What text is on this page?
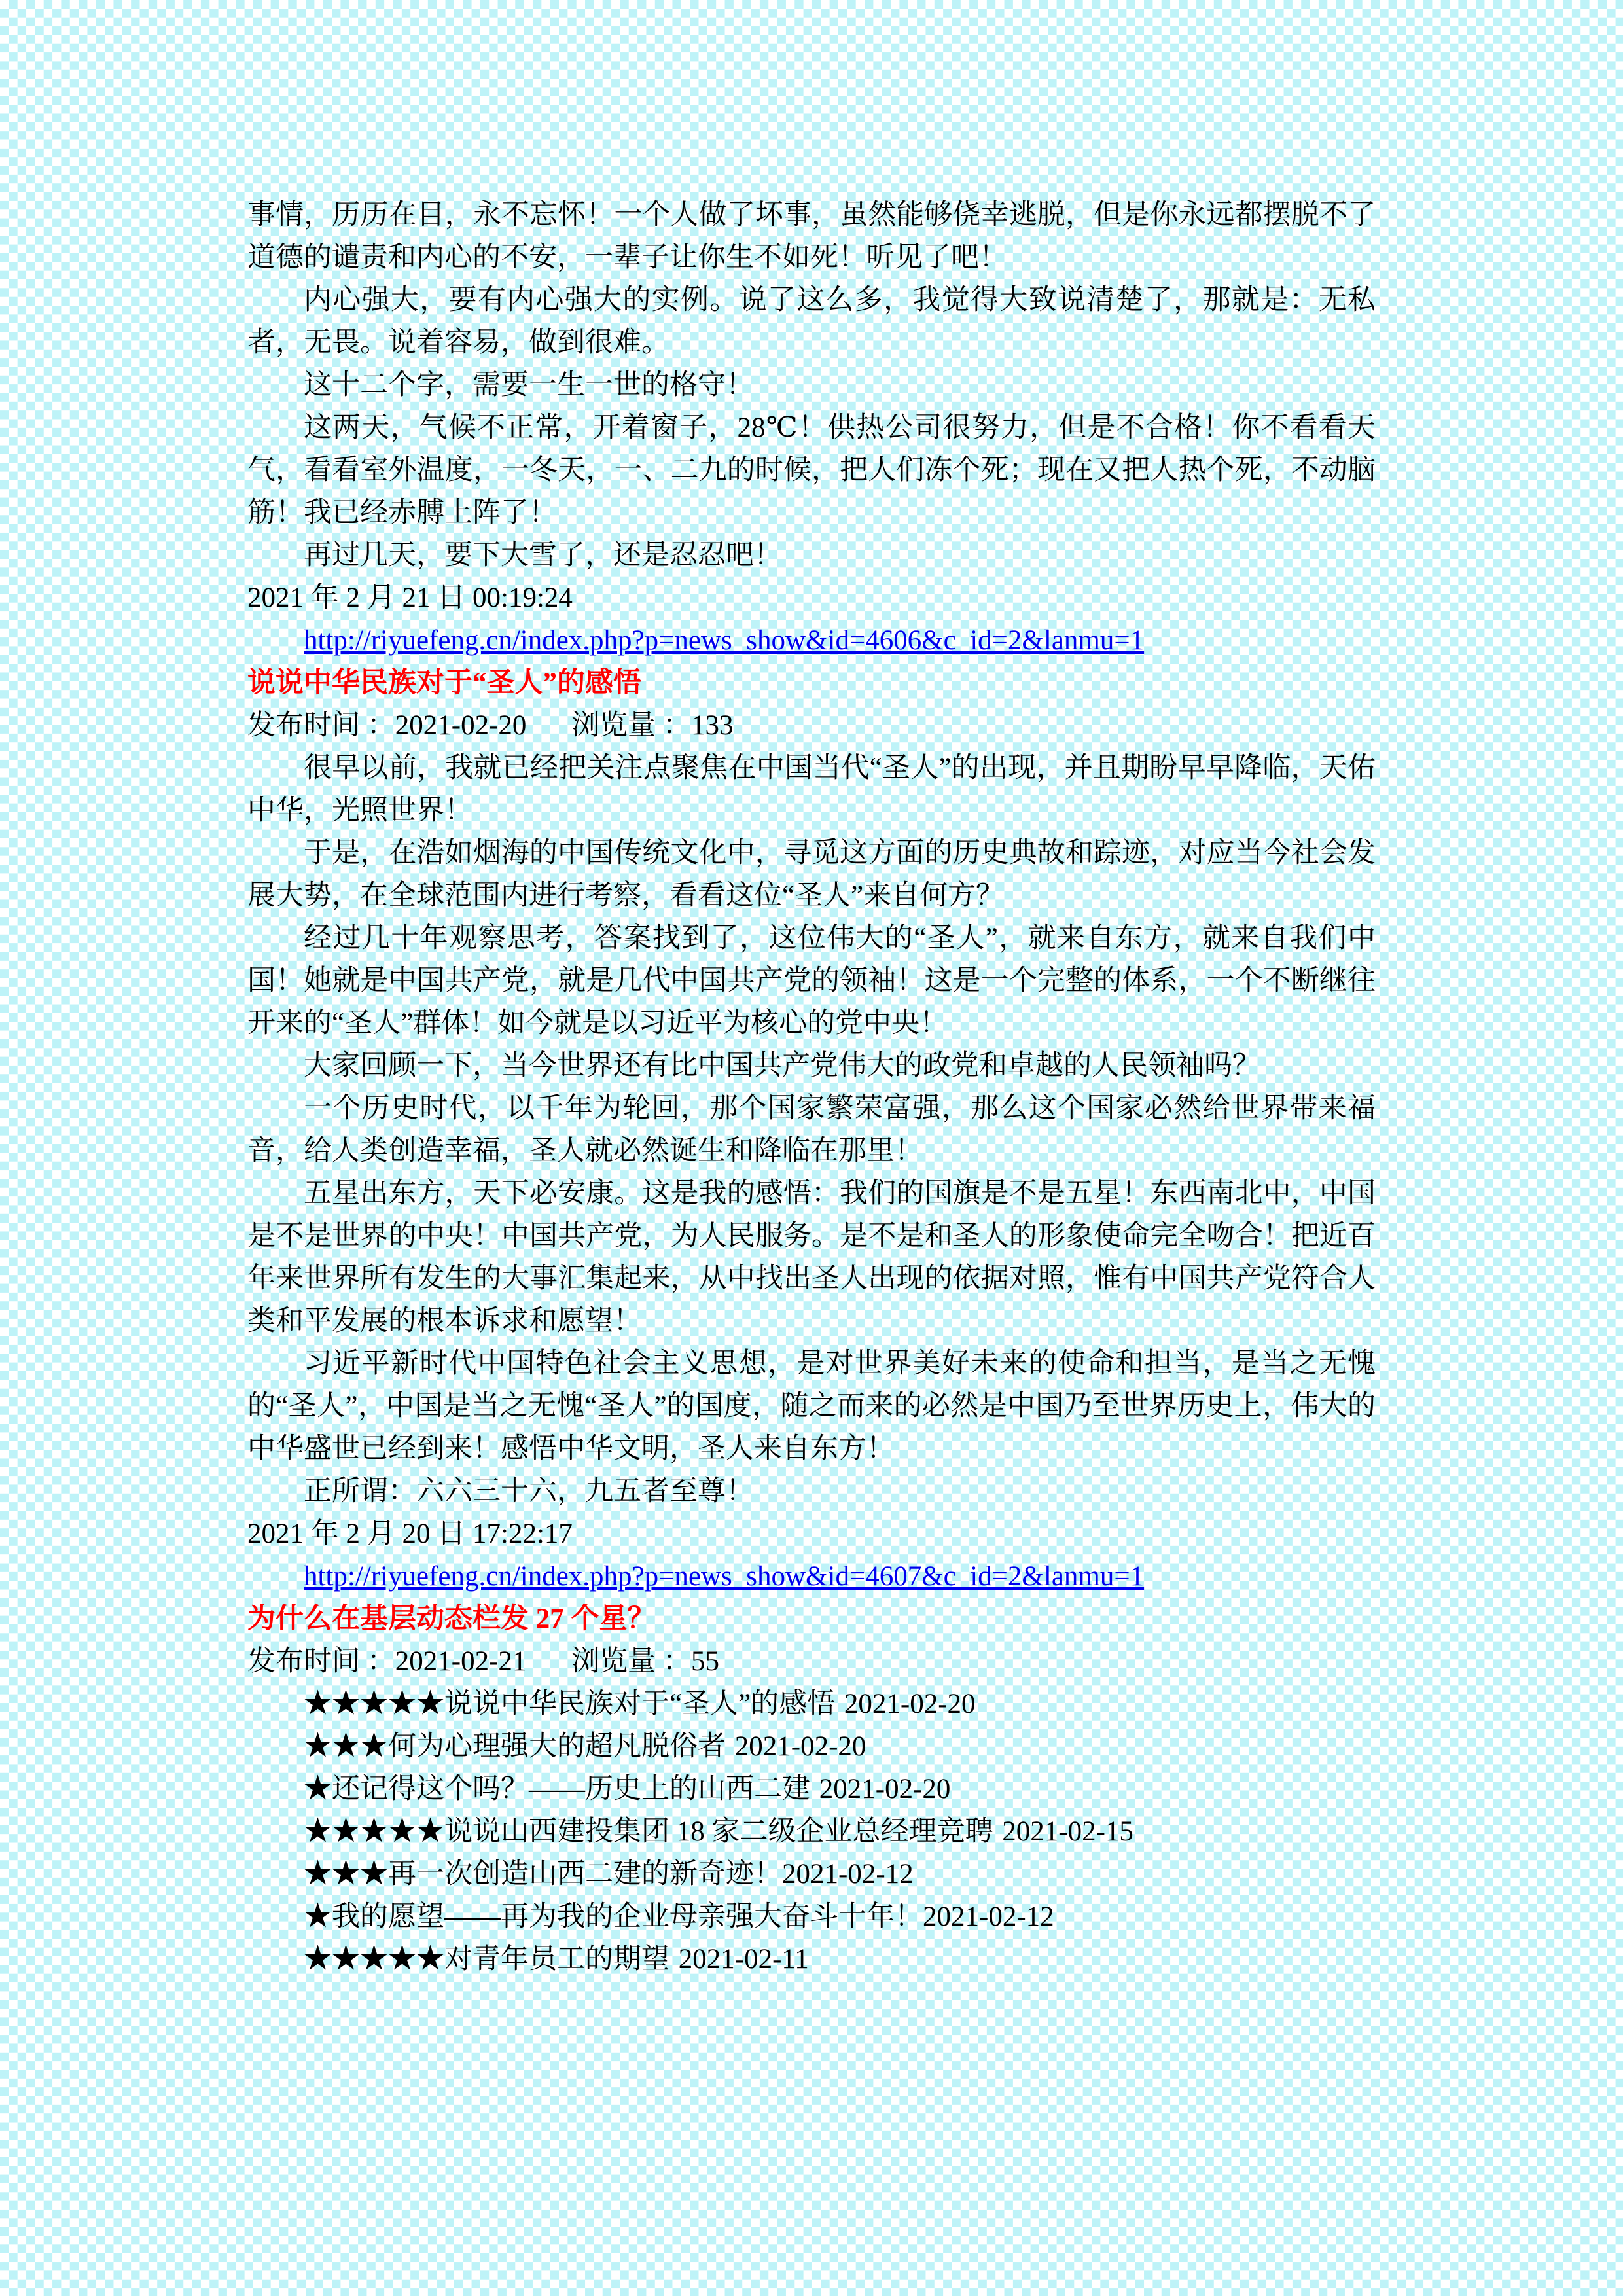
事情，历历在目，永不忘怀！一个人做了坏事，虽然能够侥幸逃脱，但是你永远都摆脱不了道德的谴责和内心的不安，一辈子让你生不如死！听见了吧！

内心强大，要有内心强大的实例。说了这么多，我觉得大致说清楚了，那就是：无私者，无畏。说着容易，做到很难。

这十二个字，需要一生一世的格守！

这两天，气候不正常，开着窗子，28℃！供热公司很努力，但是不合格！你不看看天气，看看室外温度，一冬天，一、二九的时候，把人们冻个死；现在又把人热个死，不动脑筋！我已经赤膊上阵了！

再过几天，要下大雪了，还是忍忍吧！

2021 年 2 月 21 日 00:19:24

http://riyuefeng.cn/index.php?p=news_show&id=4606&c_id=2&lanmu=1

说说中华民族对于“圣人”的感悟

发布时间 ：2021-02-20 浏览量 ：133

很早以前，我就已经把关注点聚焦在中国当代“圣人”的出现，并且期盼早早降临，天佑中华，光照世界！

于是，在浩如烟海的中国传统文化中，寻觅这方面的历史典故和踪迹，对应当今社会发展大势，在全球范围内进行考察，看看这位“圣人”来自何方？

经过几十年观察思考，答案找到了，这位伟大的“圣人”，就来自东方，就来自我们中国！她就是中国共产党，就是几代中国共产党的领袖！这是一个完整的体系，一个不断继往开来的“圣人”群体！如今就是以习近平为核心的党中央！

大家回顾一下，当今世界还有比中国共产党伟大的政党和卓越的人民领袖吗？

一个历史时代，以千年为轮回，那个国家繁荣富强，那么这个国家必然给世界带来福音，给人类创造幸福，圣人就必然诞生和降临在那里！

五星出东方，天下必安康。这是我的感悟：我们的国旗是不是五星！东西南北中，中国是不是世界的中央！中国共产党，为人民服务。是不是和圣人的形象使命完全吻合！把近百年来世界所有发生的大事汇集起来，从中找出圣人出现的依据对照，惟有中国共产党符合人类和平发展的根本诉求和愿望！

习近平新时代中国特色社会主义思想，是对世界美好未来的使命和担当，是当之无愧的“圣人”，中国是当之无愧“圣人”的国度，随之而来的必然是中国乃至世界历史上，伟大的中华盛世已经到来！感悟中华文明，圣人来自东方！

正所谓：六六三十六，九五者至尊！

2021 年 2 月 20 日 17:22:17

http://riyuefeng.cn/index.php?p=news_show&id=4607&c_id=2&lanmu=1

为什么在基层动态栏发 27 个星？

发布时间 ：2021-02-21 浏览量 ：55

★★★★★说说中华民族对于“圣人”的感悟 2021-02-20

★★★何为心理强大的超凡脱俗者 2021-02-20

★还记得这个吗？——历史上的山西二建 2021-02-20

★★★★★说说山西建投集团 18 家二级企业总经理竞聘 2021-02-15

★★★再一次创造山西二建的新奇迹！2021-02-12

★我的愿望——再为我的企业母亲强大奋斗十年！2021-02-12

★★★★★对青年员工的期望 2021-02-11
